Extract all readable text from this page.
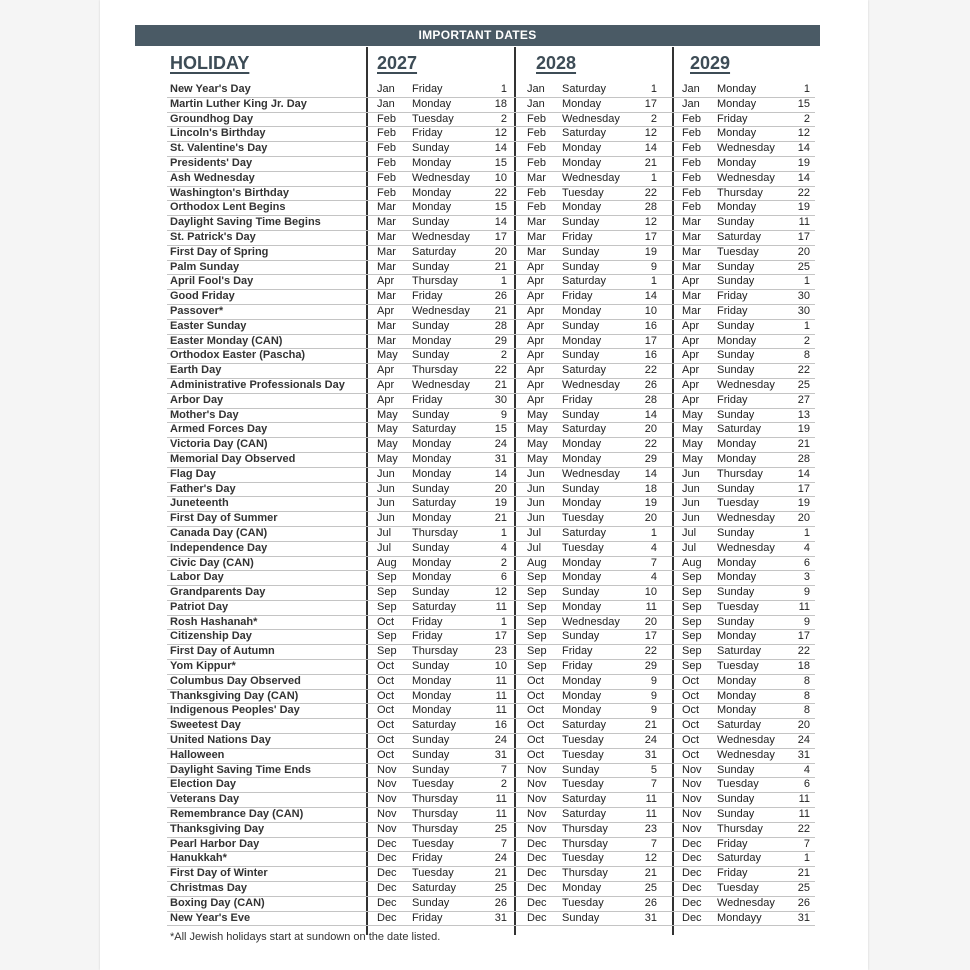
IMPORTANT DATES
HOLIDAY	2027	2028	2029
New Year's Day	Jan Friday	1 Jan Saturday	1 Jan Monday	1
Martin Luther King Jr. Day	Jan Monday	18 Jan Monday	17 Jan Monday	15
Groundhog Day	Feb Tuesday	2 Feb Wednesday	2 Feb Friday	2
Lincoln's Birthday	Feb Friday	12 Feb Saturday	12 Feb Monday	12
St. Valentine's Day	Feb Sunday	14 Feb Monday	14 Feb Wednesday	14
Presidents' Day	Feb Monday	15 Feb Monday	21 Feb Monday	19
Ash Wednesday	Feb Wednesday	10 Mar Wednesday	1 Feb Wednesday	14
Washington's Birthday	Feb Monday	22 Feb Tuesday	22 Feb Thursday	22
Orthodox Lent Begins	Mar Monday	15 Feb Monday	28 Feb Monday	19
Daylight Saving Time Begins	Mar Sunday	14 Mar Sunday	12 Mar Sunday	11
St. Patrick's Day	Mar Wednesday	17 Mar Friday	17 Mar Saturday	17
First Day of Spring	Mar Saturday	20 Mar Sunday	19 Mar Tuesday	20
Palm Sunday	Mar Sunday	21 Apr Sunday	9 Mar Sunday	25
April Fool's Day	Apr Thursday	1 Apr Saturday	1 Apr Sunday	1
Good Friday	Mar Friday	26 Apr Friday	14 Mar Friday	30
Passover*	Apr Wednesday	21 Apr Monday	10 Mar Friday	30
Easter Sunday	Mar Sunday	28 Apr Sunday	16 Apr Sunday	1
Easter Monday (CAN)	Mar Monday	29 Apr Monday	17 Apr Monday	2
Orthodox Easter (Pascha)	May Sunday	2 Apr Sunday	16 Apr Sunday	8
Earth Day	Apr Thursday	22 Apr Saturday	22 Apr Sunday	22
Administrative Professionals Day	Apr Wednesday	21 Apr Wednesday	26 Apr Wednesday	25
Arbor Day	Apr Friday	30 Apr Friday	28 Apr Friday	27
Mother's Day	May Sunday	9 May Sunday	14 May Sunday	13
Armed Forces Day	May Saturday	15 May Saturday	20 May Saturday	19
Victoria Day (CAN)	May Monday	24 May Monday	22 May Monday	21
Memorial Day Observed	May Monday	31 May Monday	29 May Monday	28
Flag Day	Jun Monday	14 Jun Wednesday	14 Jun Thursday	14
Father's Day	Jun Sunday	20 Jun Sunday	18 Jun Sunday	17
Juneteenth	Jun Saturday	19 Jun Monday	19 Jun Tuesday	19
First Day of Summer	Jun Monday	21 Jun Tuesday	20 Jun Wednesday	20
Canada Day (CAN)	Jul Thursday	1 Jul Saturday	1 Jul Sunday	1
Independence Day	Jul Sunday	4 Jul Tuesday	4 Jul Wednesday	4
Civic Day (CAN)	Aug Monday	2 Aug Monday	7 Aug Monday	6
Labor Day	Sep Monday	6 Sep Monday	4 Sep Monday	3
Grandparents Day	Sep Sunday	12 Sep Sunday	10 Sep Sunday	9
Patriot Day	Sep Saturday	11 Sep Monday	11 Sep Tuesday	11
Rosh Hashanah*	Oct Friday	1 Sep Wednesday	20 Sep Sunday	9
Citizenship Day	Sep Friday	17 Sep Sunday	17 Sep Monday	17
First Day of Autumn	Sep Thursday	23 Sep Friday	22 Sep Saturday	22
Yom Kippur*	Oct Sunday	10 Sep Friday	29 Sep Tuesday	18
Columbus Day Observed	Oct Monday	11 Oct Monday	9 Oct Monday	8
Thanksgiving Day (CAN)	Oct Monday	11 Oct Monday	9 Oct Monday	8
Indigenous Peoples' Day	Oct Monday	11 Oct Monday	9 Oct Monday	8
Sweetest Day	Oct Saturday	16 Oct Saturday	21 Oct Saturday	20
United Nations Day	Oct Sunday	24 Oct Tuesday	24 Oct Wednesday	24
Halloween	Oct Sunday	31 Oct Tuesday	31 Oct Wednesday	31
Daylight Saving Time Ends	Nov Sunday	7 Nov Sunday	5 Nov Sunday	4
Election Day	Nov Tuesday	2 Nov Tuesday	7 Nov Tuesday	6
Veterans Day	Nov Thursday	11 Nov Saturday	11 Nov Sunday	11
Remembrance Day (CAN)	Nov Thursday	11 Nov Saturday	11 Nov Sunday	11
Thanksgiving Day	Nov Thursday	25 Nov Thursday	23 Nov Thursday	22
Pearl Harbor Day	Dec Tuesday	7 Dec Thursday	7 Dec Friday	7
Hanukkah*	Dec Friday	24 Dec Tuesday	12 Dec Saturday	1
First Day of Winter	Dec Tuesday	21 Dec Thursday	21 Dec Friday	21
Christmas Day	Dec Saturday	25 Dec Monday	25 Dec Tuesday	25
Boxing Day (CAN)	Dec Sunday	26 Dec Tuesday	26 Dec Wednesday	26
New Year's Eve	Dec Friday	31 Dec Sunday	31 Dec Mondayy	31
*All Jewish holidays start at sundown on the date listed.
